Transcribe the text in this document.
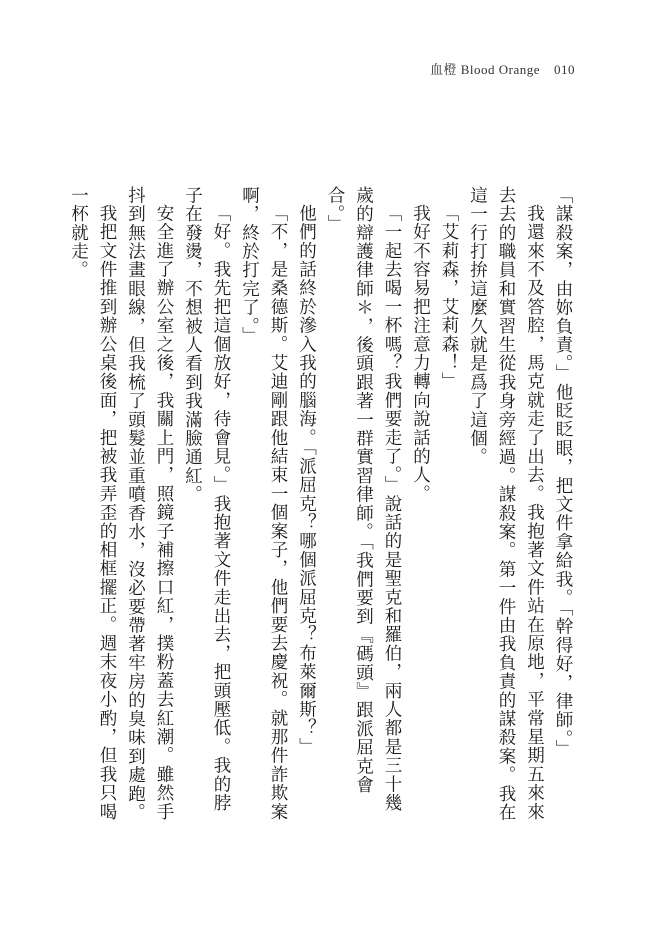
血橙 Blood Orange 010

「謀殺案，由妳負責。」他眨眨眼，把文件拿給我。「幹得好，律師。」

我還來不及答腔，馬克就走了出去。我抱著文件站在原地，平常星期五來來去去的職員和實習生從我身旁經過。謀殺案。第一件由我負責的謀殺案。我在這一行打拚這麼久就是爲了這個。

「艾莉森，艾莉森！」

我好不容易把注意力轉向說話的人。

「一起去喝一杯嗎？我們要走了。」說話的是聖克和羅伯，兩人都是三十幾歲的辯護律師＊，後頭跟著一群實習律師。「我們要到『碼頭』跟派屈克會合。」

他們的話終於滲入我的腦海。「派屈克？哪個派屈克？布萊爾斯？」

「不，是桑德斯。艾迪剛跟他結束一個案子，他們要去慶祝。就那件詐欺案啊，終於打完了。」

「好。我先把這個放好，待會見。」我抱著文件走出去，把頭壓低。我的脖子在發燙，不想被人看到我滿臉通紅。

安全進了辦公室之後，我關上門，照鏡子補擦口紅，撲粉蓋去紅潮。雖然手抖到無法畫眼線，但我梳了頭髮並重噴香水，沒必要帶著牢房的臭味到處跑。

我把文件推到辦公桌後面，把被我弄歪的相框擺正。週末夜小酌，但我只喝一杯就走。
